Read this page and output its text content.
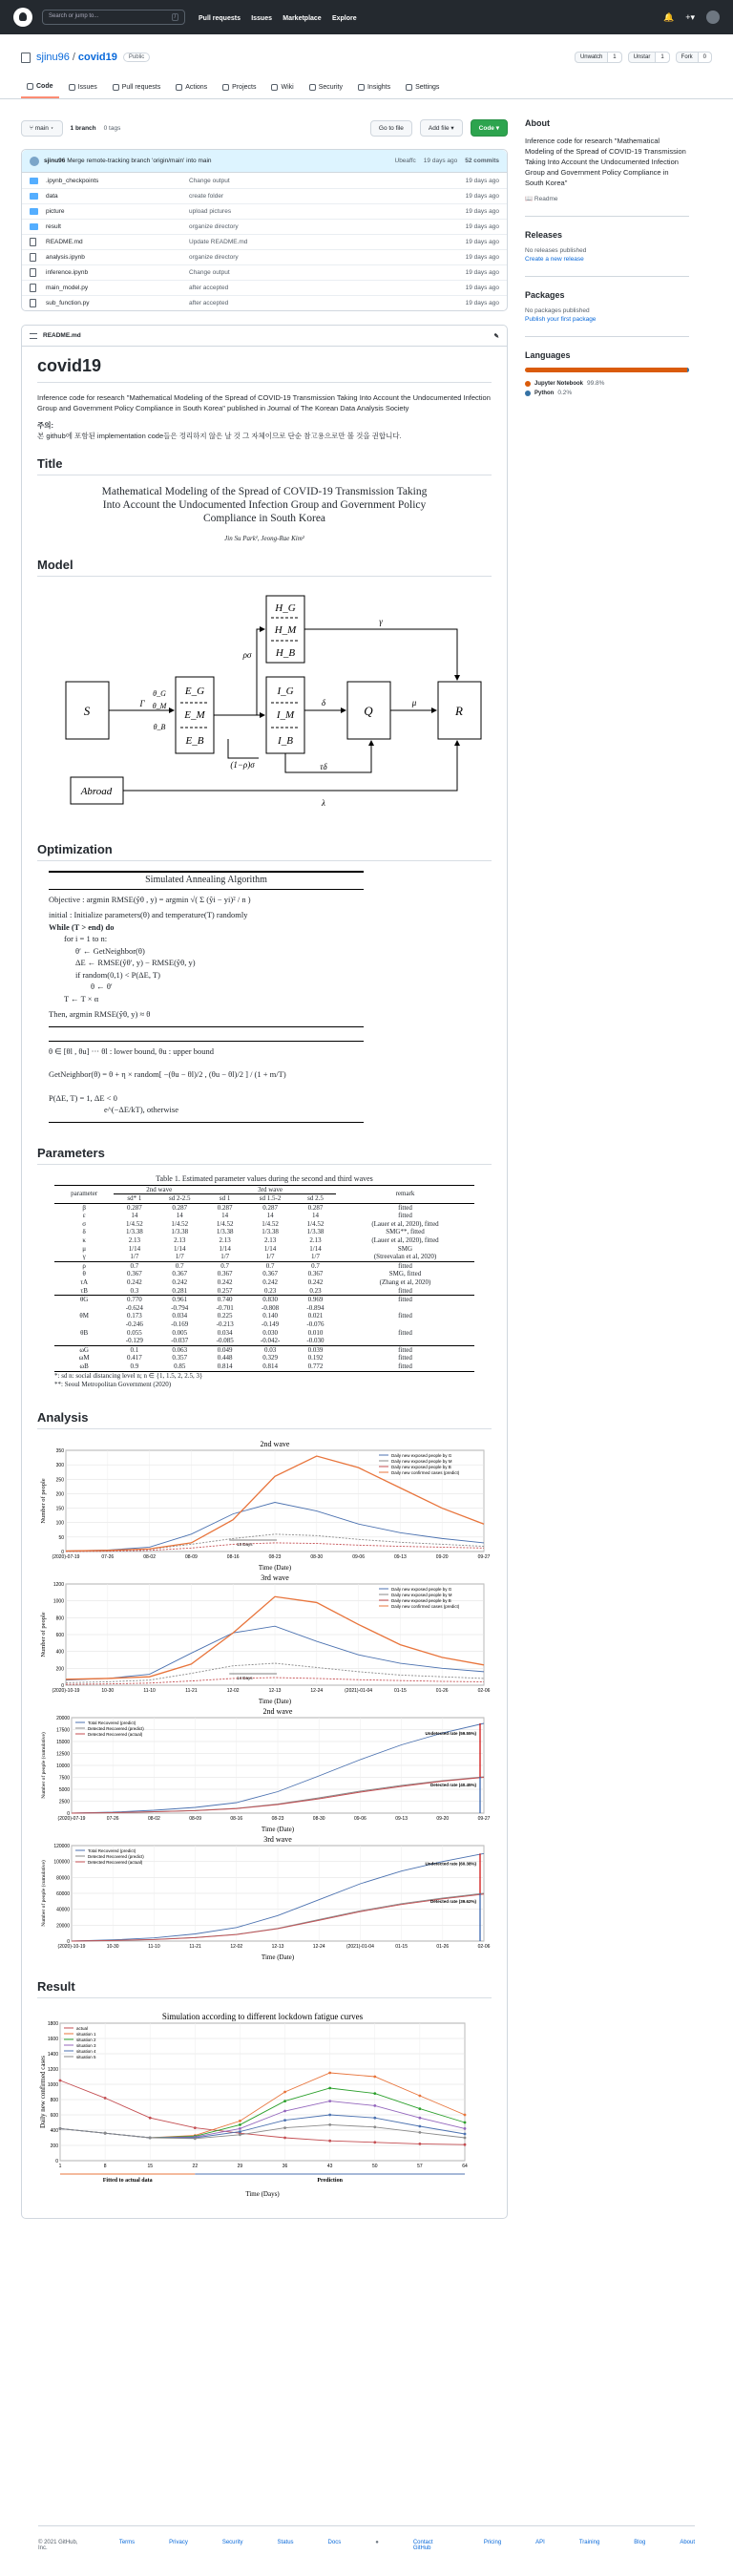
Search or jump to...	/	Pull requests Issues Marketplace Explore	🔔 +▾
sjinu96 / covid19	Public	Unwatch	1	Unstar	1	Fork	0
Code	Issues	Pull requests	Actions	Projects	Wiki	Security	Insights	Settings
⑂ main ▾	1 branch 0 tags	Go to file	Add file ▾	Code ▾
sjinu96
Merge remote-tracking branch 'origin/main' into main	Ubeaffc 19 days ago 52 commits
.ipynb_checkpoints	Change output	19 days ago
data	create folder	19 days ago
picture	upload pictures	19 days ago
result	organize directory	19 days ago
README.md	Update README.md	19 days ago
analysis.ipynb	organize directory	19 days ago
inference.ipynb	Change output	19 days ago
main_model.py	after accepted	19 days ago
sub_function.py	after accepted	19 days ago
README.md	✎
covid19

Inference code for research "Mathematical Modeling of the Spread of COVID-19 Transmission Taking Into Account the Undocumented Infection Group and Government Policy Compliance in South Korea" published in Journal of The Korean Data Analysis Society

주의:
본 github에 포함된 implementation code들은 정리하지 않은 날 것 그 자체이므로 단순 참고용으로만 볼 것을 권합니다.

Title
Mathematical Modeling of the Spread of COVID-19 Transmission Taking Into Account the Undocumented Infection Group and Government Policy Compliance in South Korea
Jin Su Park¹, Jeong-Rae Kim²
Model
S
E_G
E_M
E_B
I_G
I_M
I_B
Q	R
H_G
H_M
H_B
Abroad
Γ
θ_G
θ_M
θ_B
ρσ
(1−ρ)σ
δ	μ
γ
τδ
λ
Optimization
Simulated Annealing Algorithm
Objective : argmin RMSE(ŷθ , y) = argmin √( Σ (ŷi − yi)² / n )
initial : Initialize parameters(θ) and temperature(T) randomly
While (T > end) do
for i = 1 to n:
θ′ ← GetNeighbor(θ)
ΔE ← RMSE(ŷθ′, y) − RMSE(ŷθ, y)
if random(0,1) < P(ΔE, T)
θ ← θ′
T ← T × α
Then, argmin RMSE(ŷθ, y) ≈ θ
θ ∈ [θl , θu] ··· θl : lower bound, θu : upper bound
GetNeighbor(θ) = θ + η × random[ −(θu − θl)/2 , (θu − θl)/2 ] / (1 + m/T)
P(ΔE, T) = 1, ΔE < 0
e^(−ΔE/kT), otherwise
Parameters
Table 1. Estimated parameter values during the second and third waves
parameter	2nd wave		3rd wave			remark
	sd* 1	sd 2-2.5	sd 1	sd 1.5-2	sd 2.5	
β	0.287	0.287	0.287	0.287	0.287	fitted
ε	14	14	14	14	14	fitted
σ	1/4.52	1/4.52	1/4.52	1/4.52	1/4.52	(Lauer et al, 2020), fitted
δ	1/3.38	1/3.38	1/3.38	1/3.38	1/3.38	SMG**, fitted
κ	2.13	2.13	2.13	2.13	2.13	(Lauer et al, 2020), fitted
μ	1/14	1/14	1/14	1/14	1/14	SMG
γ	1/7	1/7	1/7	1/7	1/7	(Streevalan et al, 2020)
ρ	0.7	0.7	0.7	0.7	0.7	fitted
θ	0.367	0.367	0.367	0.367	0.367	SMG, fitted
τA	0.242	0.242	0.242	0.242	0.242	(Zhang et al, 2020)
τB	0.3	0.281	0.257	0.23	0.23	fitted
θG	0.770	0.961	0.740	0.830	0.969	fitted
	-0.624	-0.794	-0.701	-0.808	-0.894	
θM	0.173	0.034	0.225	0.140	0.021	fitted
	-0.246	-0.169	-0.213	-0.149	-0.076	
θB	0.055	0.005	0.034	0.030	0.010	fitted
	-0.129	-0.037	-0.085	-0.042-	-0.030	
ωG	0.1	0.063	0.049	0.03	0.039	fitted
ωM	0.417	0.357	0.448	0.329	0.192	fitted
ωB	0.9	0.85	0.814	0.814	0.772	fitted

*: sd n: social distancing level n; n ∈ {1, 1.5, 2, 2.5, 3}
**: Seoul Metropolitan Government (2020)
Analysis
2nd wave
0
50
100
150
200
250
300
350
(2020)-07-19	07-26	08-02	08-09	08-16	08-23	08-30	09-06	09-13	09-20	09-27
Time (Date)
Number of people
Daily new exposed people by G
Daily new exposed people by M
Daily new exposed people by B
Daily new confirmed cases (predict)
13 Days
3rd wave
0
200
400
600
800
1000
1200
(2020)-10-19	10-30	11-10	11-21	12-02	12-13	12-24	(2021)-01-04	01-15	01-26	02-06
Time (Date)
Number of people
Daily new exposed people by G
Daily new exposed people by M
Daily new exposed people by B
Daily new confirmed cases (predict)
14 Days
2nd wave
0
2500
5000
7500
10000
12500
15000
17500
20000
(2020)-07-19	07-26	08-02	08-09	08-16	08-23	08-30	09-06	09-13	09-20	09-27
Time (Date)
Number of people (cumulative)
Total Recovered (predict)
Detected Recovered (predict)
Detected Recovered (actual)	Undetected rate (59.55%)
Detected rate (40.45%)
3rd wave
0
20000
40000
60000
80000
100000
120000
(2020)-10-19	10-30	11-10	11-21	12-02	12-13	12-24	(2021)-01-04	01-15	01-26	02-06
Time (Date)
Number of people (cumulative)
Total Recovered (predict)
Detected Recovered (predict)
Detected Recovered (actual)	Undetected rate (60.38%)
Detected rate (39.62%)
Result
Simulation according to different lockdown fatigue curves
0
200
400
600
800
1000
1200
1400
1600
1800
1	8	15	22	29	36	43	50	57	64
Time (Days)
Daily new confirmed cases
actual
situation 1
situation 2
situation 3
situation 4
situation 5
Fitted to actual data	Prediction
About

Inference code for research "Mathematical Modeling of the Spread of COVID-19 Transmission Taking Into Account the Undocumented Infection Group and Government Policy Compliance in South Korea"

📖 Readme
Releases
No releases published
Create a new release
Packages
No packages published
Publish your first package
Languages
Jupyter Notebook 99.8%
Python 0.2%
© 2021 GitHub, Inc.
Terms	Privacy	Security	Status	Docs	●	Contact GitHub
Pricing	API	Training	Blog	About
